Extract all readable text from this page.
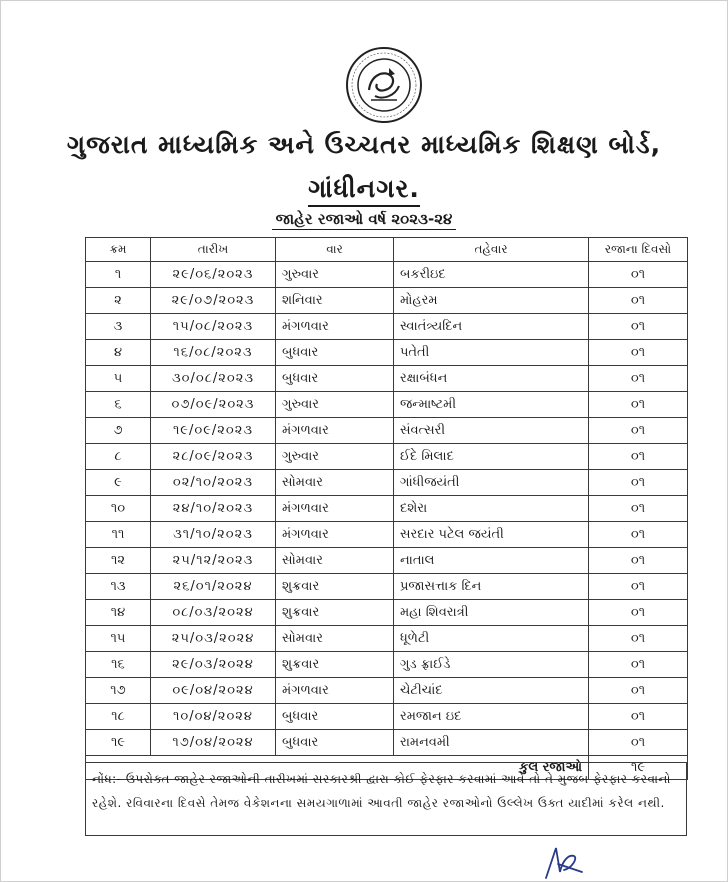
ગુજરાત માધ્યમિક અને ઉચ્ચતર માધ્યમિક શિક્ષણ બોર્ડ,
ગાંધીનગર.
જાહેર રજાઓ વર્ષ ૨૦૨૩-૨૪
ક્રમ	તારીખ	વાર	તહેવાર	રજાના દિવસો
૧	૨૯/૦૬/૨૦૨૩	ગુરુવાર	બકરીઇદ	૦૧
૨	૨૯/૦૭/૨૦૨૩	શનિવાર	મોહરમ	૦૧
૩	૧૫/૦૮/૨૦૨૩	મંગળવાર	સ્વાતંત્ર્યદિન	૦૧
૪	૧૬/૦૮/૨૦૨૩	બુધવાર	પતેતી	૦૧
૫	૩૦/૦૮/૨૦૨૩	બુધવાર	રક્ષાબંધન	૦૧
૬	૦૭/૦૯/૨૦૨૩	ગુરુવાર	જન્માષ્ટમી	૦૧
૭	૧૯/૦૯/૨૦૨૩	મંગળવાર	સંવત્સરી	૦૧
૮	૨૮/૦૯/૨૦૨૩	ગુરુવાર	ઈદે મિલાદ	૦૧
૯	૦૨/૧૦/૨૦૨૩	સોમવાર	ગાંધીજયંતી	૦૧
૧૦	૨૪/૧૦/૨૦૨૩	મંગળવાર	દશેરા	૦૧
૧૧	૩૧/૧૦/૨૦૨૩	મંગળવાર	સરદાર પટેલ જયંતી	૦૧
૧૨	૨૫/૧૨/૨૦૨૩	સોમવાર	નાતાલ	૦૧
૧૩	૨૬/૦૧/૨૦૨૪	શુક્રવાર	પ્રજાસત્તાક દિન	૦૧
૧૪	૦૮/૦૩/૨૦૨૪	શુક્રવાર	મહા શિવરાત્રી	૦૧
૧૫	૨૫/૦૩/૨૦૨૪	સોમવાર	ધૂળેટી	૦૧
૧૬	૨૯/૦૩/૨૦૨૪	શુક્રવાર	ગુડ ફ્રાઈડે	૦૧
૧૭	૦૯/૦૪/૨૦૨૪	મંગળવાર	ચેટીચાંદ	૦૧
૧૮	૧૦/૦૪/૨૦૨૪	બુધવાર	રમજાન ઇદ	૦૧
૧૯	૧૭/૦૪/૨૦૨૪	બુધવાર	રામનવમી	૦૧
કુલ રજાઓ				૧૯
નોંધ:- ઉપરોક્ત જાહેર રજાઓની તારીખમાં સરકારશ્રી દ્વારા કોઈ ફેરફાર કરવામાં આવે તો તે મુજબ ફેરફાર કરવાનો રહેશે. રવિવારના દિવસે તેમજ વેકેશનના સમયગાળામાં આવતી જાહેર રજાઓનો ઉલ્લેખ ઉક્ત યાદીમાં કરેલ નથી.
